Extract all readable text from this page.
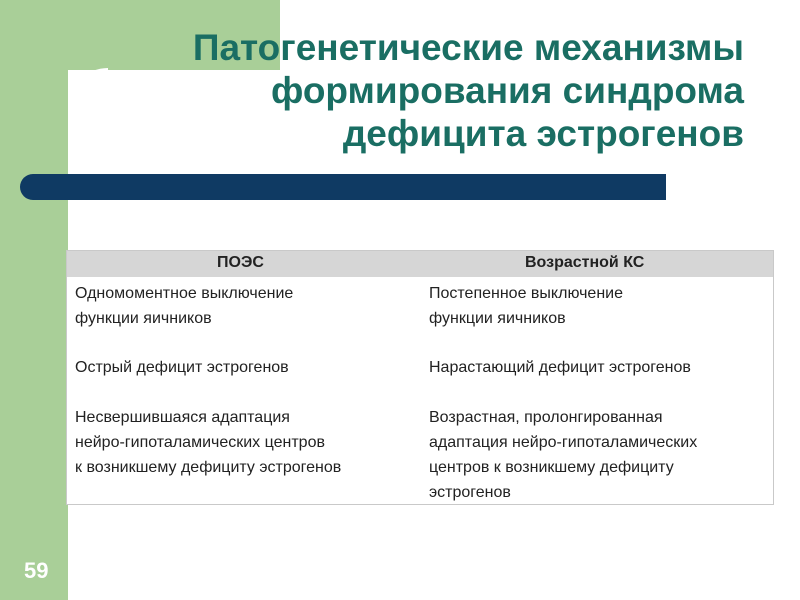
Патогенетические механизмы
формирования синдрома
дефицита эстрогенов
ПОЭС	Возрастной КС
Одномоментное выключение
функции яичников
Постепенное выключение
функции яичников
Острый дефицит эстрогенов	Нарастающий дефицит эстрогенов
Несвершившаяся адаптация
нейро-гипоталамических центров
к возникшему дефициту эстрогенов
Возрастная, пролонгированная
адаптация нейро-гипоталамических
центров к возникшему дефициту
эстрогенов
59
